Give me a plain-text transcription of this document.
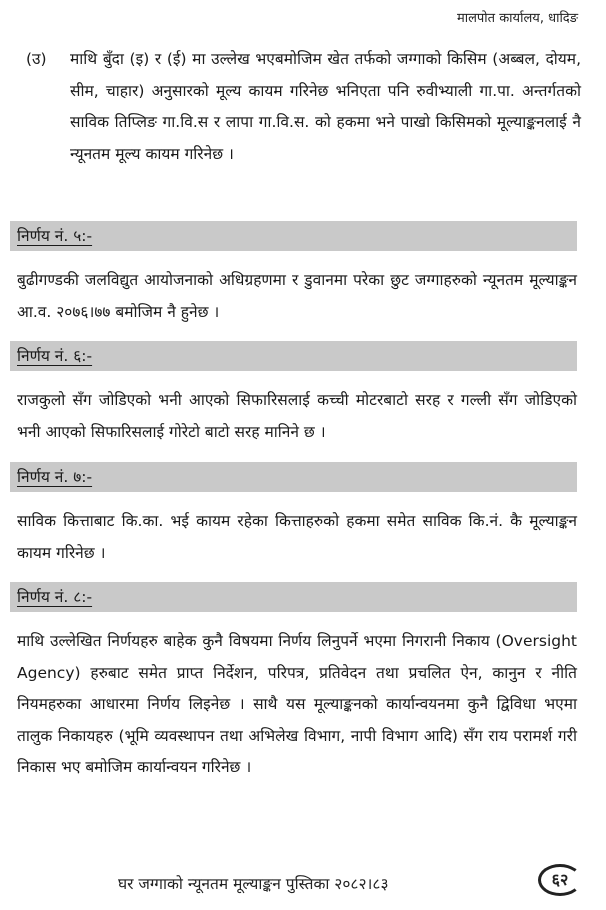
मालपोत कार्यालय, धादिङ
(उ)	माथि बुँदा (इ) र (ई) मा उल्लेख भएबमोजिम खेत तर्फको जग्गाको किसिम (अब्बल, दोयम, सीम, चाहार) अनुसारको मूल्य कायम गरिनेछ भनिएता पनि रुवीभ्याली गा.पा. अन्तर्गतको साविक तिप्लिङ गा.वि.स र लापा गा.वि.स. को हकमा भने पाखो किसिमको मूल्याङ्कनलाई नै न्यूनतम मूल्य कायम गरिनेछ ।
निर्णय नं. ५:-
बुढीगण्डकी जलविद्युत आयोजनाको अधिग्रहणमा र डुवानमा परेका छुट जग्गाहरुको न्यूनतम मूल्याङ्कन आ.व. २०७६।७७ बमोजिम नै हुनेछ ।
निर्णय नं. ६:-
राजकुलो सँग जोडिएको भनी आएको सिफारिसलाई कच्ची मोटरबाटो सरह र गल्ली सँग जोडिएको भनी आएको सिफारिसलाई गोरेटो बाटो सरह मानिने छ ।
निर्णय नं. ७:-
साविक कित्ताबाट कि.का. भई कायम रहेका कित्ताहरुको हकमा समेत साविक कि.नं. कै मूल्याङ्कन कायम गरिनेछ ।
निर्णय नं. ८:-
माथि उल्लेखित निर्णयहरु बाहेक कुनै विषयमा निर्णय लिनुपर्ने भएमा निगरानी निकाय (Oversight Agency) हरुबाट समेत प्राप्त निर्देशन, परिपत्र, प्रतिवेदन तथा प्रचलित ऐन, कानुन र नीति नियमहरुका आधारमा निर्णय लिइनेछ । साथै यस मूल्याङ्कनको कार्यान्वयनमा कुनै द्विविधा भएमा तालुक निकायहरु (भूमि व्यवस्थापन तथा अभिलेख विभाग, नापी विभाग आदि) सँग राय परामर्श गरी निकास भए बमोजिम कार्यान्वयन गरिनेछ ।
घर जग्गाको न्यूनतम मूल्याङ्कन पुस्तिका २०८२।८३	६२
